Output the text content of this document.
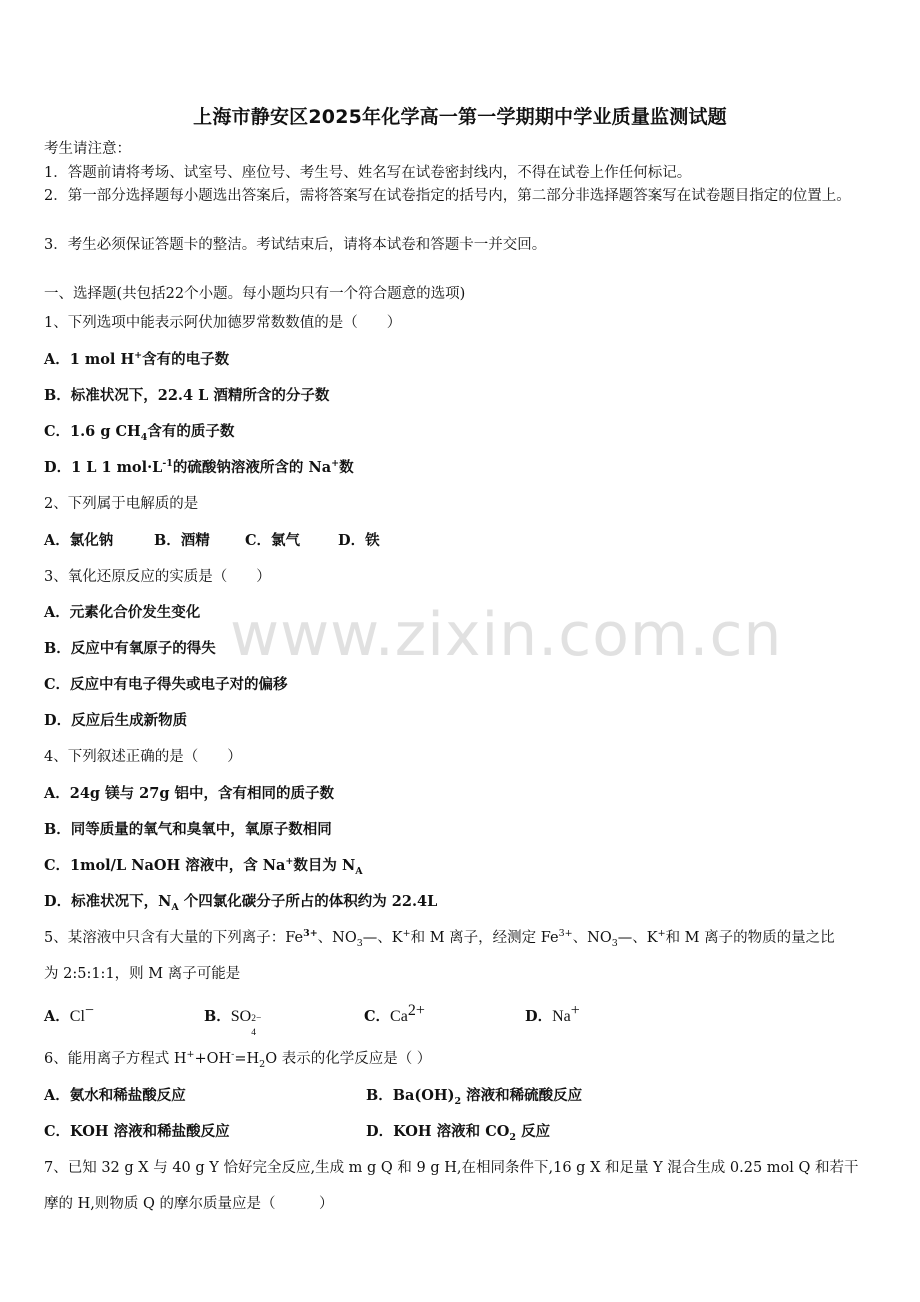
www.zixin.com.cn
上海市静安区2025年化学高一第一学期期中学业质量监测试题
考生请注意：
1．答题前请将考场、试室号、座位号、考生号、姓名写在试卷密封线内，不得在试卷上作任何标记。
2．第一部分选择题每小题选出答案后，需将答案写在试卷指定的括号内，第二部分非选择题答案写在试卷题目指定的位置上。
3．考生必须保证答题卡的整洁。考试结束后，请将本试卷和答题卡一并交回。
一、选择题(共包括22个小题。每小题均只有一个符合题意的选项)
1、下列选项中能表示阿伏加德罗常数数值的是（　　）
A．1 mol H+含有的电子数
B．标准状况下，22.4 L 酒精所含的分子数
C．1.6 g $CH_4$含有的质子数
D．1 L 1 $mol\cdot L^{-1}$的硫酸钠溶液所含的 Na+数
2、下列属于电解质的是
A．氯化钠	B．酒精 C．氯气	D．铁
3、氧化还原反应的实质是（　　）
A．元素化合价发生变化
B．反应中有氧原子的得失
C．反应中有电子得失或电子对的偏移
D．反应后生成新物质
4、下列叙述正确的是（　　）
A．24g 镁与 27g 铝中，含有相同的质子数
B．同等质量的氧气和臭氧中，氧原子数相同
C．1mol/L NaOH 溶液中，含 Na+数目为 $N_A$
D．标准状况下，$N_A$ 个四氯化碳分子所占的体积约为 22.4L
5、某溶液中只含有大量的下列离子：$Fe^{3+}$、$NO_3—$、K+和 M 离子，经测定 $Fe^{3+}$、$NO_3—$、K+和 M 离子的物质的量之比
为 2:5:1:1，则 M 离子可能是
A．Cl−	B．SO 2−
4
C．$Ca^{2+}$	D．Na+
6、能用离子方程式 $H^++OH^-=H_2O$ 表示的化学反应是（ ）
A．氨水和稀盐酸反应	B．$Ba(OH)_2$ 溶液和稀硫酸反应
C．KOH 溶液和稀盐酸反应	D．KOH 溶液和 $CO_2$ 反应
7、已知 32 g X 与 40 g Y 恰好完全反应,生成 m g Q 和 9 g H,在相同条件下,16 g X 和足量 Y 混合生成 0.25 mol Q 和若干
摩的 H,则物质 Q 的摩尔质量应是（　　　）
